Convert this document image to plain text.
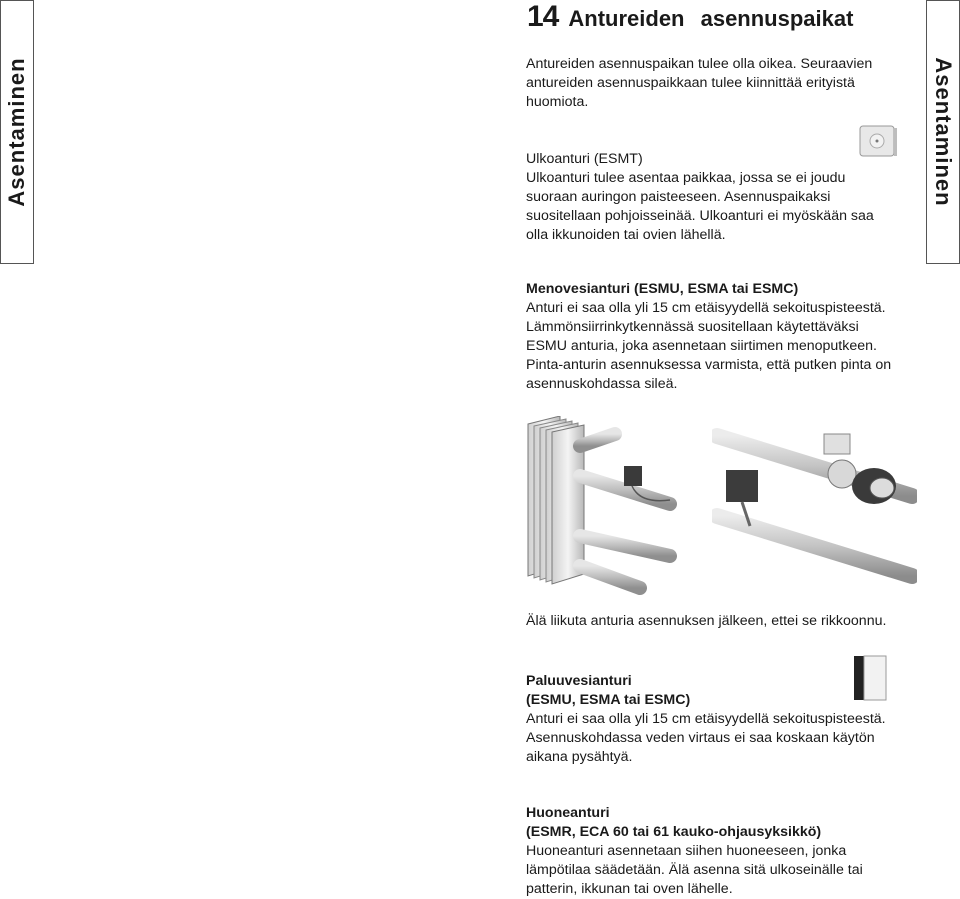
Asentaminen	Asentaminen
14 Antureiden asennuspaikat

Antureiden asennuspaikan tulee olla oikea. Seuraavien

antureiden asennuspaikkaan tulee kiinnittää erityistä

huomiota.

Ulkoanturi (ESMT)

Ulkoanturi tulee asentaa paikkaa, jossa se ei joudu

suoraan auringon paisteeseen. Asennuspaikaksi

suositellaan pohjoisseinää. Ulkoanturi ei myöskään saa

olla ikkunoiden tai ovien lähellä.

Menovesianturi (ESMU, ESMA tai ESMC)

Anturi ei saa olla yli 15 cm etäisyydellä sekoituspisteestä.

Lämmönsiirrinkytkennässä suositellaan käytettäväksi

ESMU anturia, joka asennetaan siirtimen menoputkeen.

Pinta-anturin asennuksessa varmista, että putken pinta on

asennuskohdassa sileä.

Älä liikuta anturia asennuksen jälkeen, ettei se rikkoonnu.

Paluuvesianturi

(ESMU, ESMA tai ESMC)

Anturi ei saa olla yli 15 cm etäisyydellä sekoituspisteestä.

Asennuskohdassa veden virtaus ei saa koskaan käytön

aikana pysähtyä.

Huoneanturi

(ESMR, ECA 60 tai 61 kauko-ohjausyksikkö)

Huoneanturi asennetaan siihen huoneeseen, jonka

lämpötilaa säädetään. Älä asenna sitä ulkoseinälle tai

patterin, ikkunan tai oven lähelle.
